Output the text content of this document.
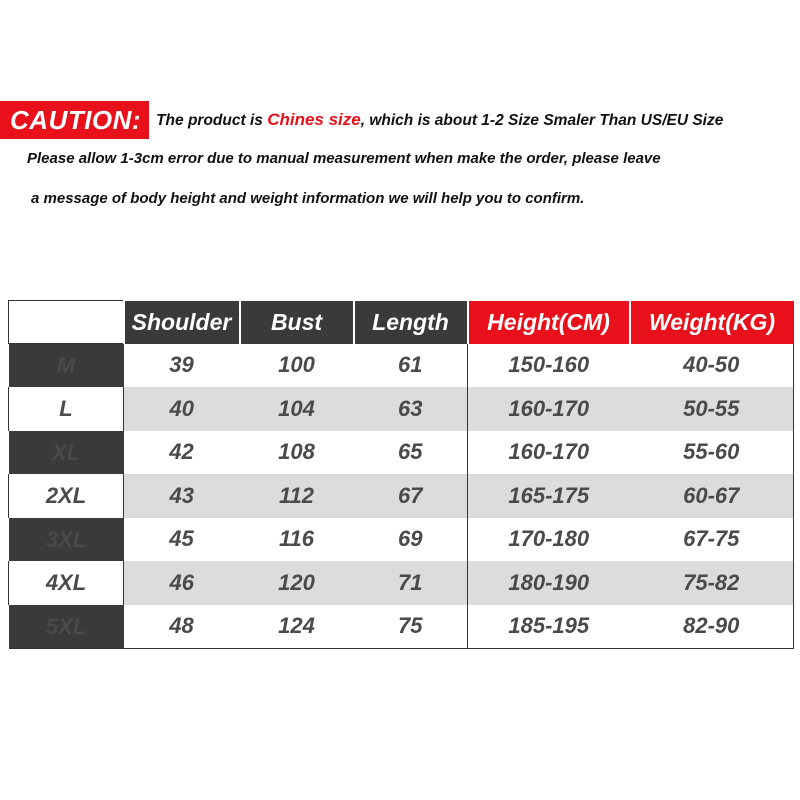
CAUTION: The product is Chines size, which is about 1-2 Size Smaler Than US/EU Size
Please allow 1-3cm error due to manual measurement when make the order, please leave
a message of body height and weight information we will help you to confirm.
Size	Shoulder	Bust	Length	Height(CM)	Weight(KG)
M	39	100	61	150-160	40-50
L	40	104	63	160-170	50-55
XL	42	108	65	160-170	55-60
2XL	43	112	67	165-175	60-67
3XL	45	116	69	170-180	67-75
4XL	46	120	71	180-190	75-82
5XL	48	124	75	185-195	82-90
